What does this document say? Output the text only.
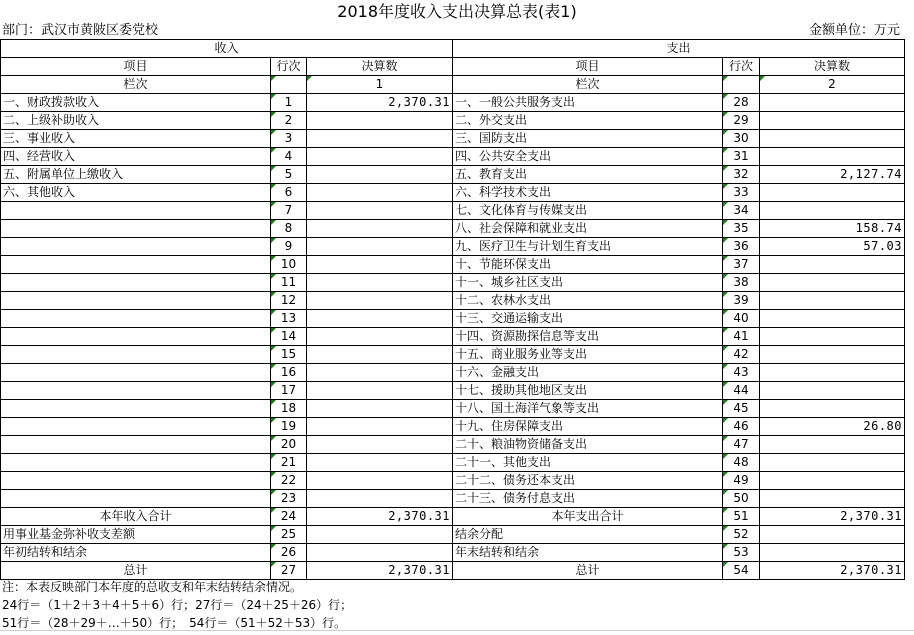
2018年度收入支出决算总表(表1)
部门：武汉市黄陂区委党校	金额单位：万元
收入			支出		
项目	行次	决算数	项目	行次	决算数
栏次		1	栏次		2
一、财政拨款收入	1	2,370.31	一、一般公共服务支出	28	
二、上级补助收入	2		二、外交支出	29	
三、事业收入	3		三、国防支出	30	
四、经营收入	4		四、公共安全支出	31	
五、附属单位上缴收入	5		五、教育支出	32	2,127.74
六、其他收入	6		六、科学技术支出	33	
	7		七、文化体育与传媒支出	34	
	8		八、社会保障和就业支出	35	158.74
	9		九、医疗卫生与计划生育支出	36	57.03
	10		十、节能环保支出	37	
	11		十一、城乡社区支出	38	
	12		十二、农林水支出	39	
	13		十三、交通运输支出	40	
	14		十四、资源勘探信息等支出	41	
	15		十五、商业服务业等支出	42	
	16		十六、金融支出	43	
	17		十七、援助其他地区支出	44	
	18		十八、国土海洋气象等支出	45	
	19		十九、住房保障支出	46	26.80
	20		二十、粮油物资储备支出	47	
	21		二十一、其他支出	48	
	22		二十二、债务还本支出	49	
	23		二十三、债务付息支出	50	
本年收入合计	24	2,370.31	本年支出合计	51	2,370.31
用事业基金弥补收支差额	25		结余分配	52	
年初结转和结余	26		年末结转和结余	53	
总计	27	2,370.31	总计	54	2,370.31
注：本表反映部门本年度的总收支和年末结转结余情况。
24行＝（1＋2＋3＋4＋5＋6）行；27行＝（24＋25＋26）行；
51行＝（28＋29＋…＋50）行；　54行＝（51＋52＋53）行。
